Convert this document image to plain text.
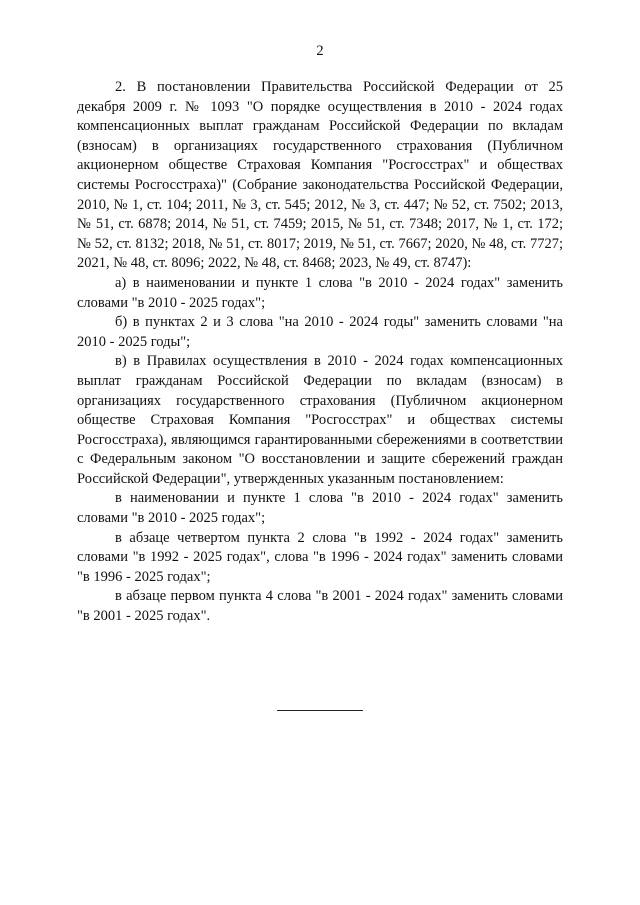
2

2. В постановлении Правительства Российской Федерации от 25 декабря 2009 г. № 1093 "О порядке осуществления в 2010 - 2024 годах компенсационных выплат гражданам Российской Федерации по вкладам (взносам) в организациях государственного страхования (Публичном акционерном обществе Страховая Компания "Росгосстрах" и обществах системы Росгосстраха)" (Собрание законодательства Российской Федерации, 2010, № 1, ст. 104; 2011, № 3, ст. 545; 2012, № 3, ст. 447; № 52, ст. 7502; 2013, № 51, ст. 6878; 2014, № 51, ст. 7459; 2015, № 51, ст. 7348; 2017, № 1, ст. 172; № 52, ст. 8132; 2018, № 51, ст. 8017; 2019, № 51, ст. 7667; 2020, № 48, ст. 7727; 2021, № 48, ст. 8096; 2022, № 48, ст. 8468; 2023, № 49, ст. 8747):

а) в наименовании и пункте 1 слова "в 2010 - 2024 годах" заменить словами "в 2010 - 2025 годах";

б) в пунктах 2 и 3 слова "на 2010 - 2024 годы" заменить словами "на 2010 - 2025 годы";

в) в Правилах осуществления в 2010 - 2024 годах компенсационных выплат гражданам Российской Федерации по вкладам (взносам) в организациях государственного страхования (Публичном акционерном обществе Страховая Компания "Росгосстрах" и обществах системы Росгосстраха), являющимся гарантированными сбережениями в соответствии с Федеральным законом "О восстановлении и защите сбережений граждан Российской Федерации", утвержденных указанным постановлением:

в наименовании и пункте 1 слова "в 2010 - 2024 годах" заменить словами "в 2010 - 2025 годах";

в абзаце четвертом пункта 2 слова "в 1992 - 2024 годах" заменить словами "в 1992 - 2025 годах", слова "в 1996 - 2024 годах" заменить словами "в 1996 - 2025 годах";

в абзаце первом пункта 4 слова "в 2001 - 2024 годах" заменить словами "в 2001 - 2025 годах".
